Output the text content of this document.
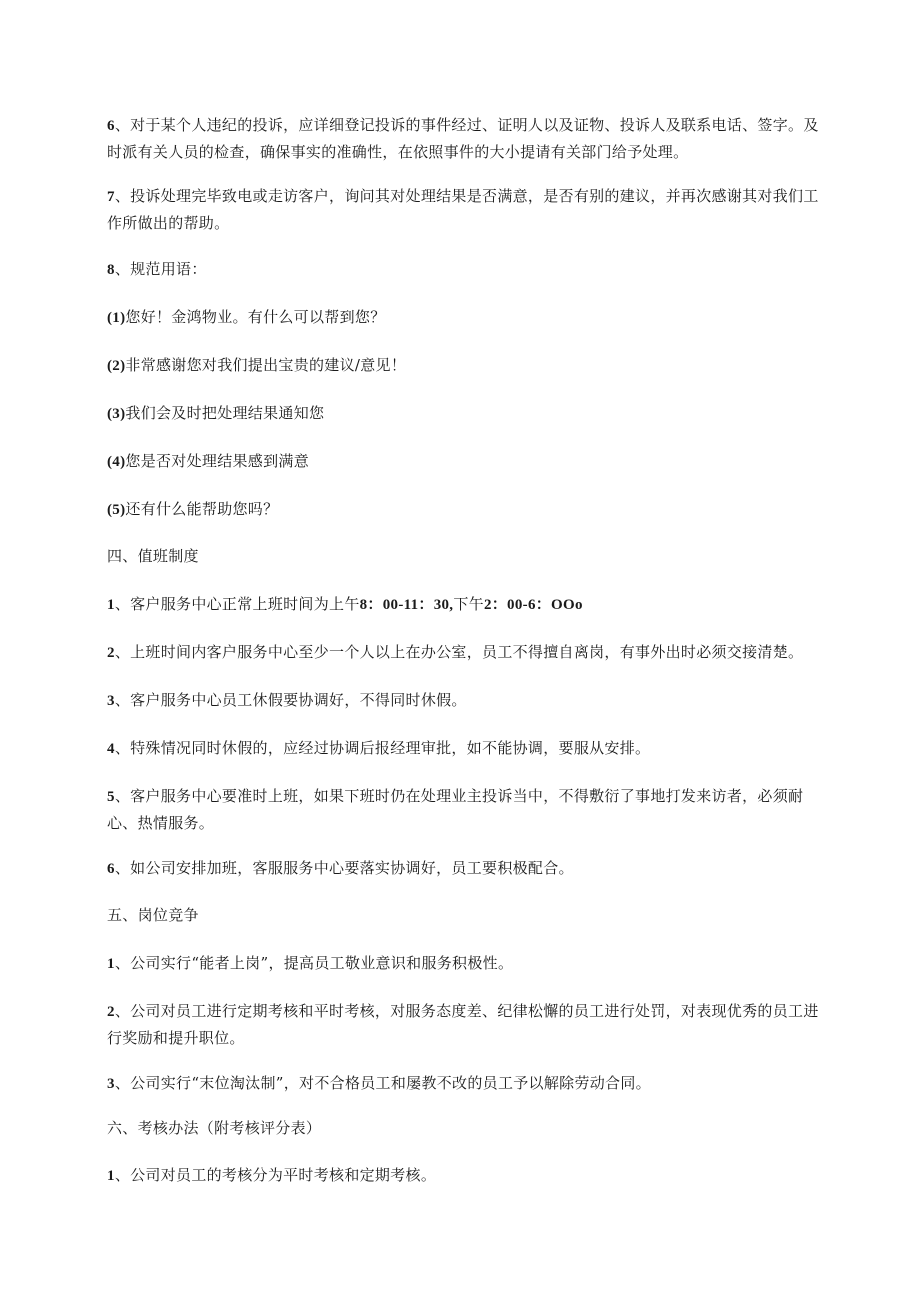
6、对于某个人违纪的投诉，应详细登记投诉的事件经过、证明人以及证物、投诉人及联系电话、签字。及时派有关人员的检查，确保事实的准确性，在依照事件的大小提请有关部门给予处理。

7、投诉处理完毕致电或走访客户，询问其对处理结果是否满意，是否有别的建议，并再次感谢其对我们工作所做出的帮助。

8、规范用语：

(1)您好！金鸿物业。有什么可以帮到您？

(2)非常感谢您对我们提出宝贵的建议/意见！

(3)我们会及时把处理结果通知您

(4)您是否对处理结果感到满意

(5)还有什么能帮助您吗？

四、值班制度

1、客户服务中心正常上班时间为上午8：00-11：30,下午2：00-6：OOo

2、上班时间内客户服务中心至少一个人以上在办公室，员工不得擅自离岗，有事外出时必须交接清楚。

3、客户服务中心员工休假要协调好，不得同时休假。

4、特殊情况同时休假的，应经过协调后报经理审批，如不能协调，要服从安排。

5、客户服务中心要准时上班，如果下班时仍在处理业主投诉当中，不得敷衍了事地打发来访者，必须耐心、热情服务。

6、如公司安排加班，客服服务中心要落实协调好，员工要积极配合。

五、岗位竞争

1、公司实行“能者上岗”，提高员工敬业意识和服务积极性。

2、公司对员工进行定期考核和平时考核，对服务态度差、纪律松懈的员工进行处罚，对表现优秀的员工进行奖励和提升职位。

3、公司实行“末位淘汰制”，对不合格员工和屡教不改的员工予以解除劳动合同。

六、考核办法（附考核评分表）

1、公司对员工的考核分为平时考核和定期考核。
